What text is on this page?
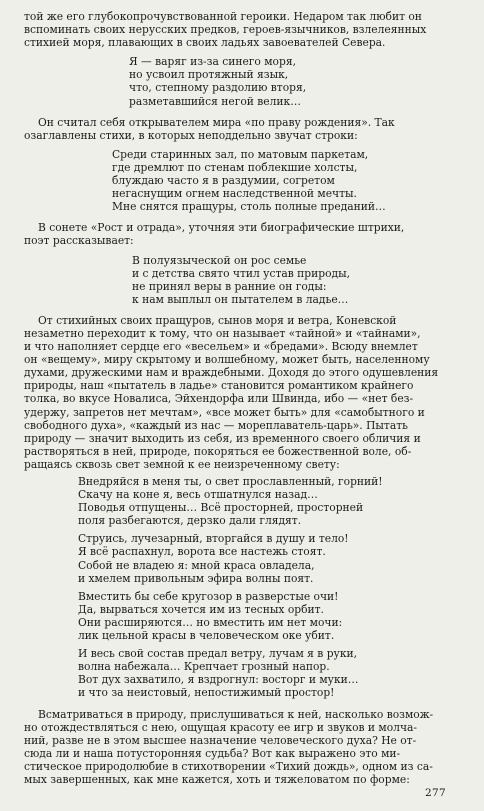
той же его глубокопрочувствованной героики. Недаром так любит он
вспоминать своих нерусских предков, героев-язычников, взлелеянных
стихией моря, плавающих в своих ладьях завоевателей Севера.
Я — варяг из-за синего моря,
но усвоил протяжный язык,
что, степному раздолию вторя,
разметавшийся негой велик…
Он считал себя открывателем мира «по праву рождения». Так
озаглавлены стихи, в которых неподдельно звучат строки:
Среди старинных зал, по матовым паркетам,
где дремлют по стенам поблекшие холсты,
блуждаю часто я в раздумии, согретом
негаснущим огнем наследственной мечты.
Мне снятся пращуры, столь полные преданий…
В сонете «Рост и отрада», уточняя эти биографические штрихи,
поэт рассказывает:
В полуязыческой он рос семье
и с детства свято чтил устав природы,
не принял веры в ранние он годы:
к нам выплыл он пытателем в ладье…
От стихийных своих пращуров, сынов моря и ветра, Коневской
незаметно переходит к тому, что он называет «тайной» и «тайнами»,
и что наполняет сердце его «весельем» и «бредами». Всюду внемлет
он «вещему», миру скрытому и волшебному, может быть, населенному
духами, дружескими нам и враждебными. Доходя до этого одушевления
природы, наш «пытатель в ладье» становится романтиком крайнего
толка, во вкусе Новалиса, Эйхендорфа или Швинда, ибо — «нет без-
удержу, запретов нет мечтам», «все может быть» для «самобытного и
свободного духа», «каждый из нас — мореплаватель-царь». Пытать
природу — значит выходить из себя, из временного своего обличия и
растворяться в ней, природе, покоряться ее божественной воле, об-
ращаясь сквозь свет земной к ее неизреченному свету:
Внедряйся в меня ты, о свет прославленный, горний!
Скачу на коне я, весь отшатнулся назад…
Поводья отпущены… Всё просторней, просторней
поля разбегаются, дерзко дали глядят.
Струись, лучезарный, вторгайся в душу и тело!
Я всё распахнул, ворота все настежь стоят.
Собой не владею я: мной краса овладела,
и хмелем привольным эфира волны поят.
Вместить бы себе кругозор в разверстые очи!
Да, вырваться хочется им из тесных орбит.
Они расширяются… но вместить им нет мочи:
лик цельной красы в человеческом оке убит.
И весь свой состав предал ветру, лучам я в руки,
волна набежала… Крепчает грозный напор.
Вот дух захватило, я вздрогнул: восторг и муки…
и что за неистовый, непостижимый простор!
Всматриваться в природу, прислушиваться к ней, насколько возмож-
но отождествляться с нею, ощущая красоту ее игр и звуков и молча-
ний, разве не в этом высшее назначение человеческого духа? Не от-
сюда ли и наша потусторонняя судьба? Вот как выражено это ми-
стическое природолюбие в стихотворении «Тихий дождь», одном из са-
мых завершенных, как мне кажется, хоть и тяжеловатом по форме:
277
